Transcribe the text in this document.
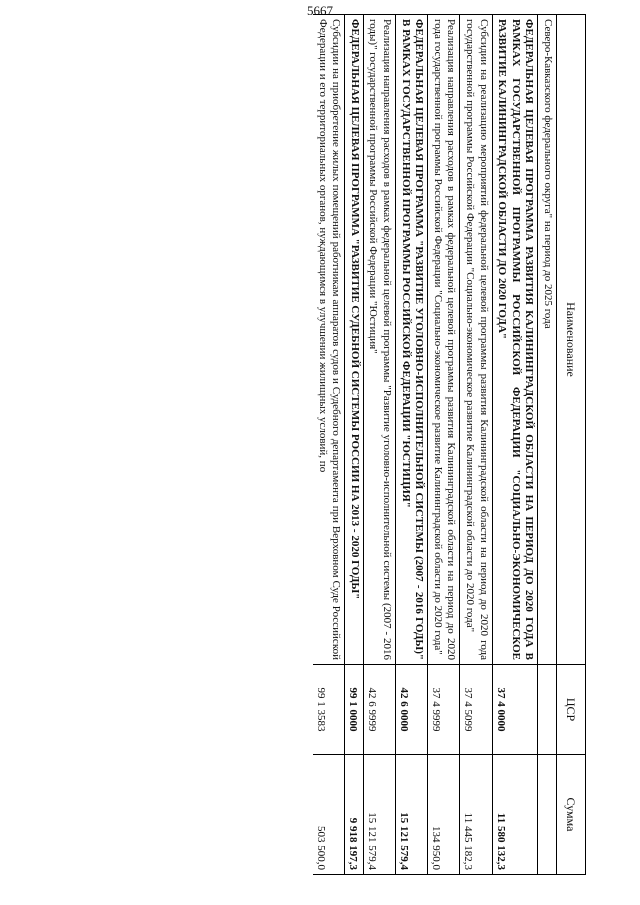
5667
Наименование	ЦСР	Сумма
Северо-Кавказского федерального округа" на период до 2025 года		
ФЕДЕРАЛЬНАЯ ЦЕЛЕВАЯ ПРОГРАММА РАЗВИТИЯ КАЛИНИНГРАДСКОЙ ОБЛАСТИ НА ПЕРИОД ДО 2020 ГОДА В РАМКАХ ГОСУДАРСТВЕННОЙ ПРОГРАММЫ РОССИЙСКОЙ ФЕДЕРАЦИИ "СОЦИАЛЬНО-ЭКОНОМИЧЕСКОЕ РАЗВИТИЕ КАЛИНИНГРАДСКОЙ ОБЛАСТИ ДО 2020 ГОДА"	37 4 0000	11 580 132,3
Субсидии на реализацию мероприятий федеральной целевой программы развития Калининградской области на период до 2020 года государственной программы Российской Федерации "Социально-экономическое развитие Калининградской области до 2020 года"	37 4 5099	11 445 182,3
Реализация направления расходов в рамках федеральной целевой программы развития Калининградской области на период до 2020 года государственной программы Российской Федерации "Социально-экономическое развитие Калининградской области до 2020 года"	37 4 9999	134 950,0
ФЕДЕРАЛЬНАЯ ЦЕЛЕВАЯ ПРОГРАММА "РАЗВИТИЕ УГОЛОВНО-ИСПОЛНИТЕЛЬНОЙ СИСТЕМЫ (2007 - 2016 ГОДЫ)" В РАМКАХ ГОСУДАРСТВЕННОЙ ПРОГРАММЫ РОССИЙСКОЙ ФЕДЕРАЦИИ "ЮСТИЦИЯ"	42 6 0000	15 121 579,4
Реализация направления расходов в рамках федеральной целевой программы "Развитие уголовно-исполнительной системы (2007 - 2016 годы)" государственной программы Российской Федерации "Юстиция"	42 6 9999	15 121 579,4
ФЕДЕРАЛЬНАЯ ЦЕЛЕВАЯ ПРОГРАММА "РАЗВИТИЕ СУДЕБНОЙ СИСТЕМЫ РОССИИ НА 2013 - 2020 ГОДЫ"	99 1 0000	9 918 197,3
Субсидии на приобретение жилых помещений работникам аппаратов судов и Судебного департамента при Верховном Суде Российской Федерации и его территориальных органов, нуждающимся в улучшении жилищных условий, по	99 1 3583	503 500,0
